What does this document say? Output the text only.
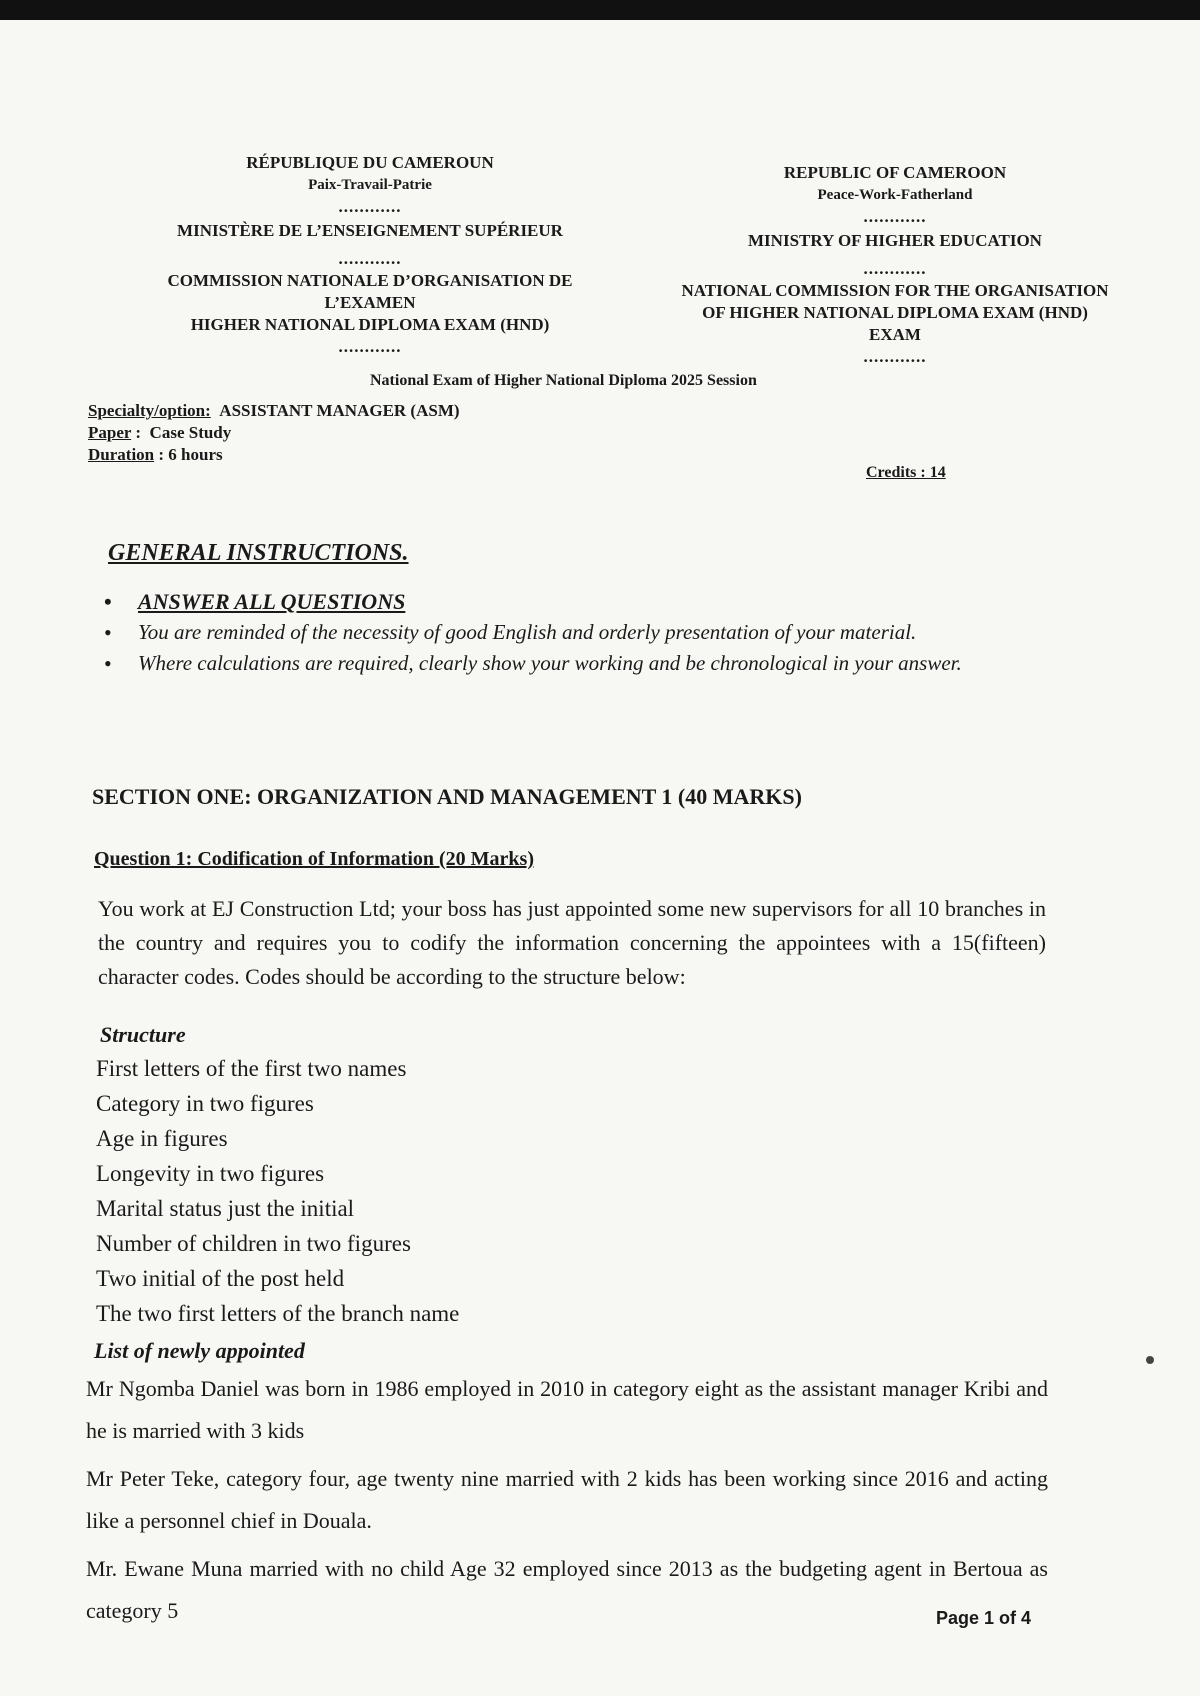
RÉPUBLIQUE DU CAMEROUN
Paix-Travail-Patrie
............
MINISTÈRE DE L’ENSEIGNEMENT SUPÉRIEUR
............
COMMISSION NATIONALE D’ORGANISATION DE
L’EXAMEN
HIGHER NATIONAL DIPLOMA EXAM (HND)
............
REPUBLIC OF CAMEROON
Peace-Work-Fatherland
............
MINISTRY OF HIGHER EDUCATION
............
NATIONAL COMMISSION FOR THE ORGANISATION
OF HIGHER NATIONAL DIPLOMA EXAM (HND)
EXAM
............
National Exam of Higher National Diploma 2025 Session
Specialty/option: ASSISTANT MANAGER (ASM)
Paper :  Case Study
Duration : 6 hours
Credits : 14
GENERAL INSTRUCTIONS.
• ANSWER ALL QUESTIONS
• You are reminded of the necessity of good English and orderly presentation of your material.
• Where calculations are required, clearly show your working and be chronological in your answer.
SECTION ONE: ORGANIZATION AND MANAGEMENT 1 (40 MARKS)
Question 1: Codification of Information (20 Marks)
You work at EJ Construction Ltd; your boss has just appointed some new supervisors for all 10 branches in the country and requires you to codify the information concerning the appointees with a 15(fifteen) character codes. Codes should be according to the structure below:
Structure
First letters of the first two names
Category in two figures
Age in figures
Longevity in two figures
Marital status just the initial
Number of children in two figures
Two initial of the post held
The two first letters of the branch name
List of newly appointed
Mr Ngomba Daniel was born in 1986 employed in 2010 in category eight as the assistant manager Kribi and he is married with 3 kids
Mr Peter Teke, category four, age twenty nine married with 2 kids has been working since 2016 and acting like a personnel chief in Douala.
Mr. Ewane Muna married with no child Age 32 employed since 2013 as the budgeting agent in Bertoua as category 5	Page 1 of 4
